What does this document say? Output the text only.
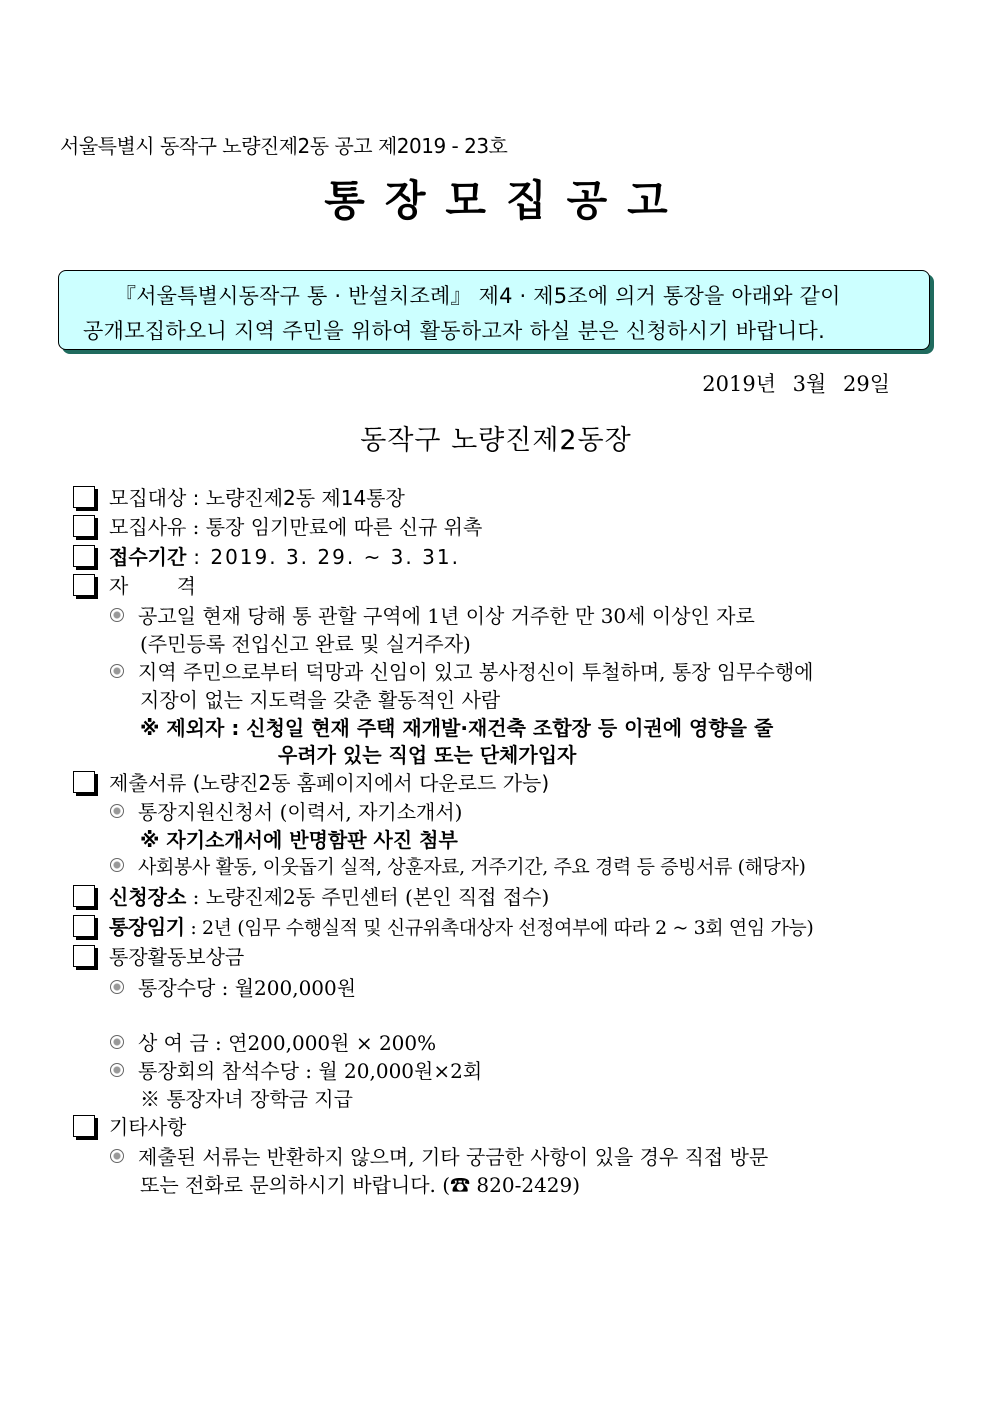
서울특별시 동작구 노량진제2동 공고 제2019 - 23호
통장모집공고
『서울특별시동작구 통 · 반설치조례』 제4 · 제5조에 의거 통장을 아래와 같이
공개모집하오니 지역 주민을 위하여 활동하고자 하실 분은 신청하시기 바랍니다.
2019년 3월 29일
동작구 노량진제2동장
모집대상 : 노량진제2동 제14통장
모집사유 : 통장 임기만료에 따른 신규 위촉
접수기간 : 2019. 3. 29. ~ 3. 31.
자 격
공고일 현재 당해 통 관할 구역에 1년 이상 거주한 만 30세 이상인 자로
(주민등록 전입신고 완료 및 실거주자)
지역 주민으로부터 덕망과 신임이 있고 봉사정신이 투철하며, 통장 임무수행에
지장이 없는 지도력을 갖춘 활동적인 사람
※ 제외자 : 신청일 현재 주택 재개발·재건축 조합장 등 이권에 영향을 줄
우려가 있는 직업 또는 단체가입자
제출서류 (노량진2동 홈페이지에서 다운로드 가능)
통장지원신청서 (이력서, 자기소개서)
※ 자기소개서에 반명함판 사진 첨부
사회봉사 활동, 이웃돕기 실적, 상훈자료, 거주기간, 주요 경력 등 증빙서류 (해당자)
신청장소 : 노량진제2동 주민센터 (본인 직접 접수)
통장임기 : 2년 (임무 수행실적 및 신규위촉대상자 선정여부에 따라 2 ~ 3회 연임 가능)
통장활동보상금
통장수당 : 월200,000원
상 여 금 : 연200,000원 × 200%
통장회의 참석수당 : 월 20,000원×2회
※ 통장자녀 장학금 지급
기타사항
제출된 서류는 반환하지 않으며, 기타 궁금한 사항이 있을 경우 직접 방문
또는 전화로 문의하시기 바랍니다. (☎ 820-2429)
